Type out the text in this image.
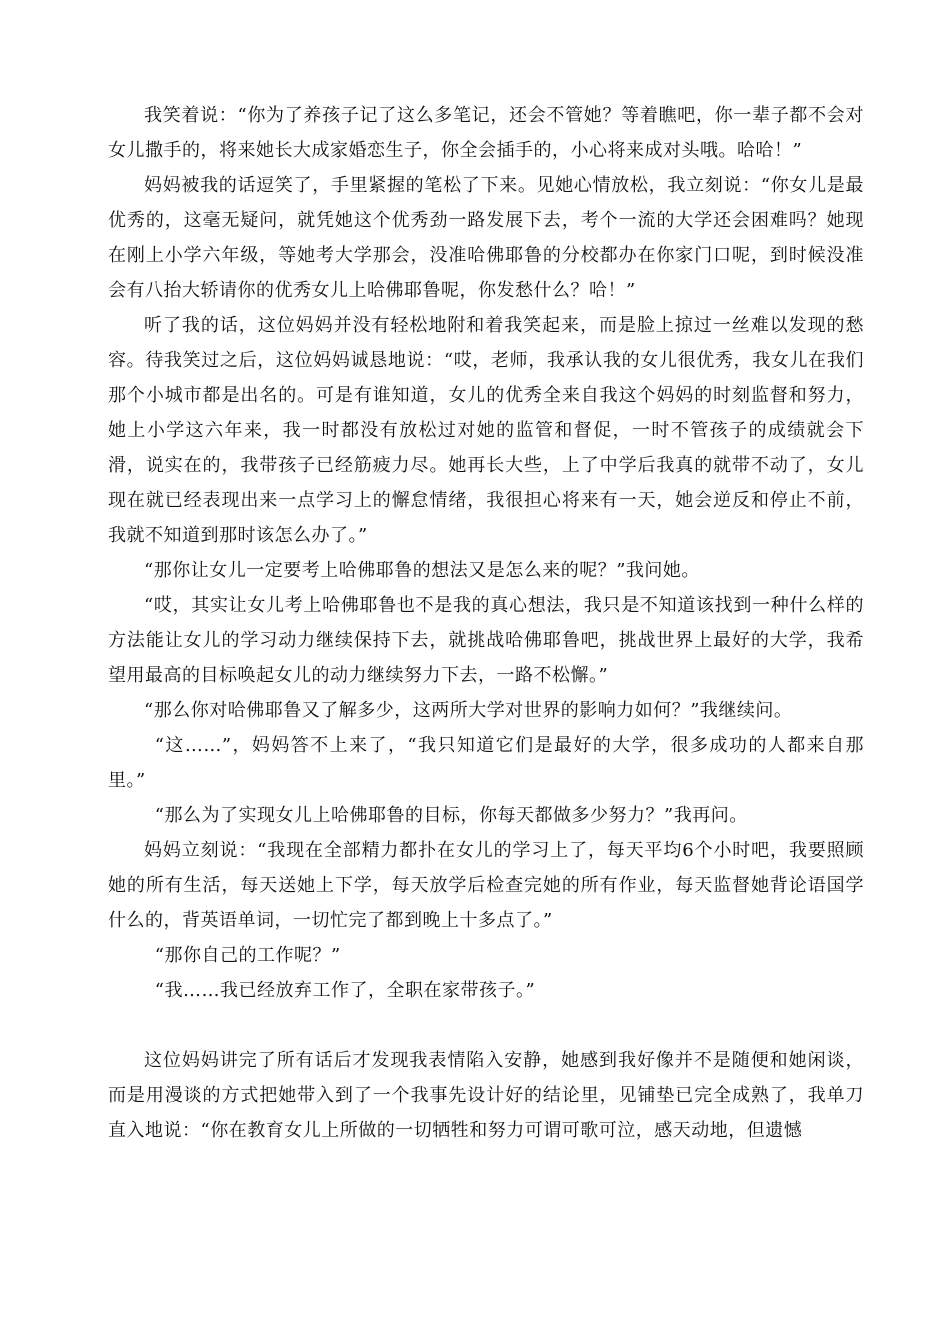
我笑着说：“你为了养孩子记了这么多笔记，还会不管她？等着瞧吧，你一辈子都不会对女儿撒手的，将来她长大成家婚恋生子，你全会插手的，小心将来成对头哦。哈哈！”

妈妈被我的话逗笑了，手里紧握的笔松了下来。见她心情放松，我立刻说：“你女儿是最优秀的，这毫无疑问，就凭她这个优秀劲一路发展下去，考个一流的大学还会困难吗？她现在刚上小学六年级，等她考大学那会，没准哈佛耶鲁的分校都办在你家门口呢，到时候没准会有八抬大轿请你的优秀女儿上哈佛耶鲁呢，你发愁什么？哈！”

听了我的话，这位妈妈并没有轻松地附和着我笑起来，而是脸上掠过一丝难以发现的愁容。待我笑过之后，这位妈妈诚恳地说：“哎，老师，我承认我的女儿很优秀，我女儿在我们那个小城市都是出名的。可是有谁知道，女儿的优秀全来自我这个妈妈的时刻监督和努力，她上小学这六年来，我一时都没有放松过对她的监管和督促，一时不管孩子的成绩就会下滑，说实在的，我带孩子已经筋疲力尽。她再长大些，上了中学后我真的就带不动了，女儿现在就已经表现出来一点学习上的懈怠情绪，我很担心将来有一天，她会逆反和停止不前，我就不知道到那时该怎么办了。”

“那你让女儿一定要考上哈佛耶鲁的想法又是怎么来的呢？”我问她。

“哎，其实让女儿考上哈佛耶鲁也不是我的真心想法，我只是不知道该找到一种什么样的方法能让女儿的学习动力继续保持下去，就挑战哈佛耶鲁吧，挑战世界上最好的大学，我希望用最高的目标唤起女儿的动力继续努力下去，一路不松懈。”

“那么你对哈佛耶鲁又了解多少，这两所大学对世界的影响力如何？”我继续问。

“这……”，妈妈答不上来了，“我只知道它们是最好的大学，很多成功的人都来自那里。”

“那么为了实现女儿上哈佛耶鲁的目标，你每天都做多少努力？”我再问。

妈妈立刻说：“我现在全部精力都扑在女儿的学习上了，每天平均6个小时吧，我要照顾她的所有生活，每天送她上下学，每天放学后检查完她的所有作业，每天监督她背论语国学什么的，背英语单词，一切忙完了都到晚上十多点了。”

“那你自己的工作呢？”

“我……我已经放弃工作了，全职在家带孩子。”

这位妈妈讲完了所有话后才发现我表情陷入安静，她感到我好像并不是随便和她闲谈，而是用漫谈的方式把她带入到了一个我事先设计好的结论里，见铺垫已完全成熟了，我单刀直入地说：“你在教育女儿上所做的一切牺牲和努力可谓可歌可泣，感天动地，但遗憾
